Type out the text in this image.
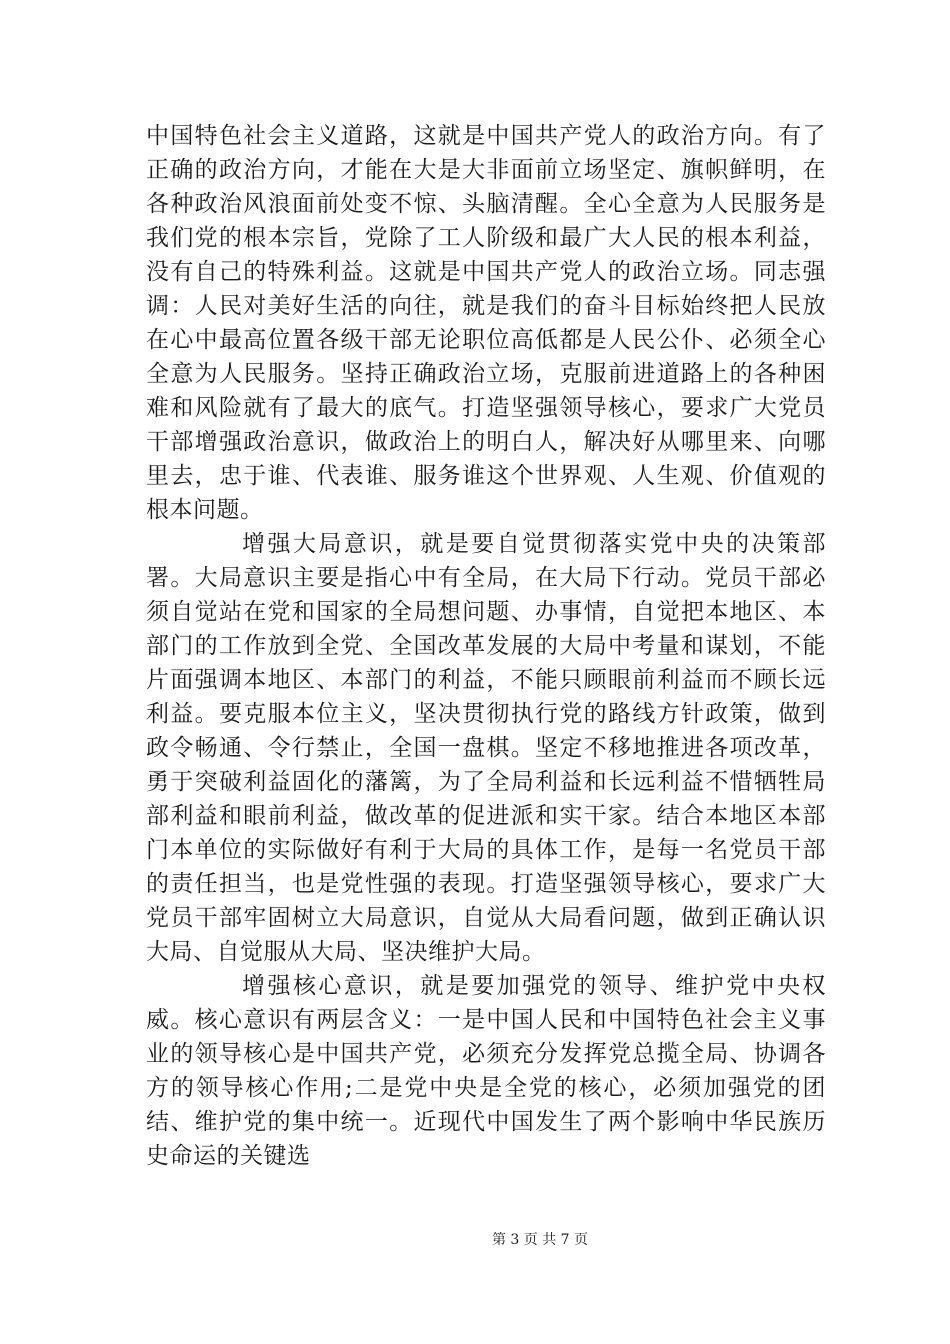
中国特色社会主义道路，这就是中国共产党人的政治方向。有了正确的政治方向，才能在大是大非面前立场坚定、旗帜鲜明，在各种政治风浪面前处变不惊、头脑清醒。全心全意为人民服务是我们党的根本宗旨，党除了工人阶级和最广大人民的根本利益，没有自己的特殊利益。这就是中国共产党人的政治立场。同志强调：人民对美好生活的向往，就是我们的奋斗目标始终把人民放在心中最高位置各级干部无论职位高低都是人民公仆、必须全心全意为人民服务。坚持正确政治立场，克服前进道路上的各种困难和风险就有了最大的底气。打造坚强领导核心，要求广大党员干部增强政治意识，做政治上的明白人，解决好从哪里来、向哪里去，忠于谁、代表谁、服务谁这个世界观、人生观、价值观的根本问题。

增强大局意识，就是要自觉贯彻落实党中央的决策部署。大局意识主要是指心中有全局，在大局下行动。党员干部必须自觉站在党和国家的全局想问题、办事情，自觉把本地区、本部门的工作放到全党、全国改革发展的大局中考量和谋划，不能片面强调本地区、本部门的利益，不能只顾眼前利益而不顾长远利益。要克服本位主义，坚决贯彻执行党的路线方针政策，做到政令畅通、令行禁止，全国一盘棋。坚定不移地推进各项改革，勇于突破利益固化的藩篱，为了全局利益和长远利益不惜牺牲局部利益和眼前利益，做改革的促进派和实干家。结合本地区本部门本单位的实际做好有利于大局的具体工作，是每一名党员干部的责任担当，也是党性强的表现。打造坚强领导核心，要求广大党员干部牢固树立大局意识，自觉从大局看问题，做到正确认识大局、自觉服从大局、坚决维护大局。

增强核心意识，就是要加强党的领导、维护党中央权威。核心意识有两层含义：一是中国人民和中国特色社会主义事业的领导核心是中国共产党，必须充分发挥党总揽全局、协调各方的领导核心作用;二是党中央是全党的核心，必须加强党的团结、维护党的集中统一。近现代中国发生了两个影响中华民族历史命运的关键选

第 3 页 共 7 页
